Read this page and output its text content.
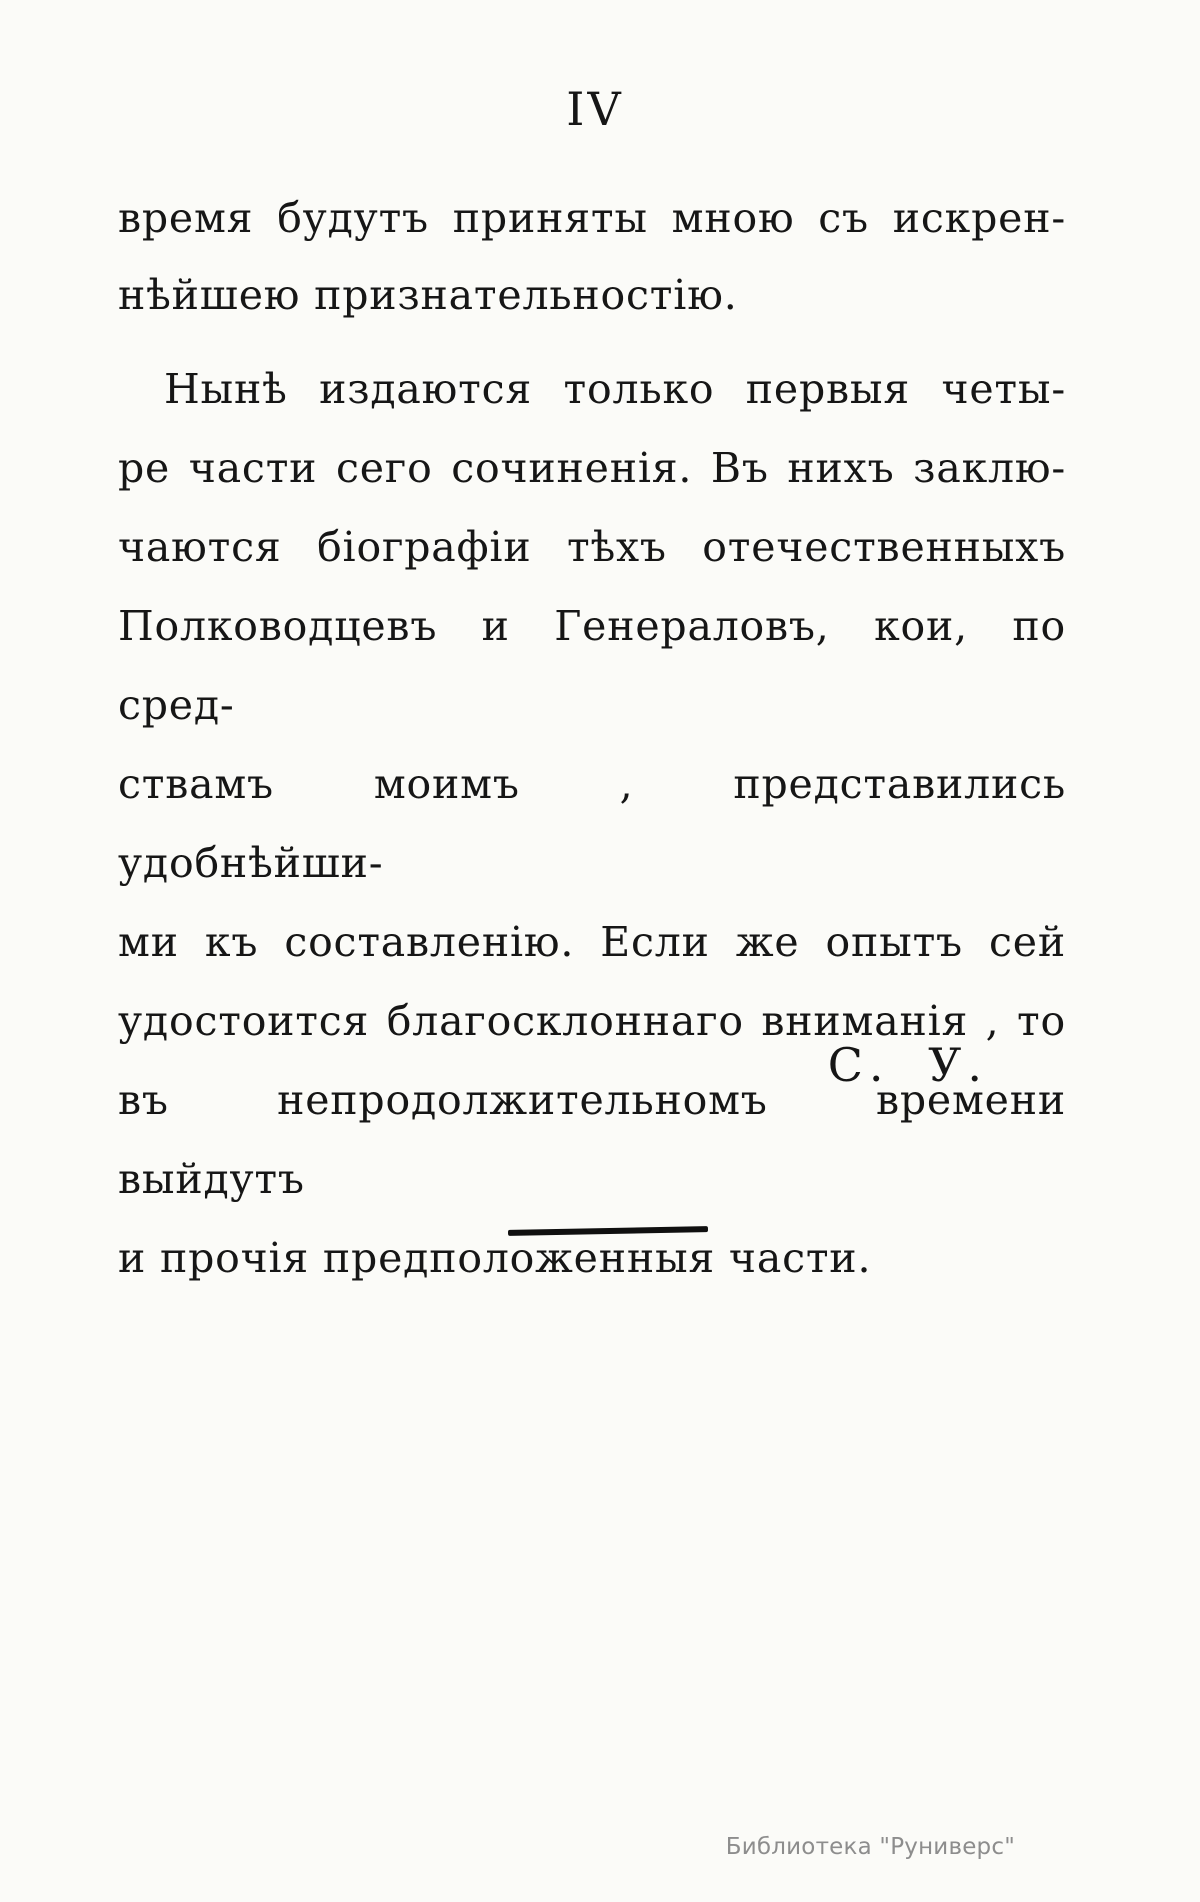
IV
время будутъ приняты мною съ искрен-
нѣйшею признательностію.
Нынѣ издаются только первыя четы-
ре части сего сочиненія. Въ нихъ заклю-
чаются біографіи тѣхъ отечественныхъ
Полководцевъ и Генераловъ, кои, по сред-
ствамъ моимъ , представились удобнѣйши-
ми къ составленію. Если же опытъ сей
удостоится благосклоннаго вниманія , то
въ непродолжительномъ времени выйдутъ
и прочія предположенныя части.
С. У.
Библиотека "Руниверс"
